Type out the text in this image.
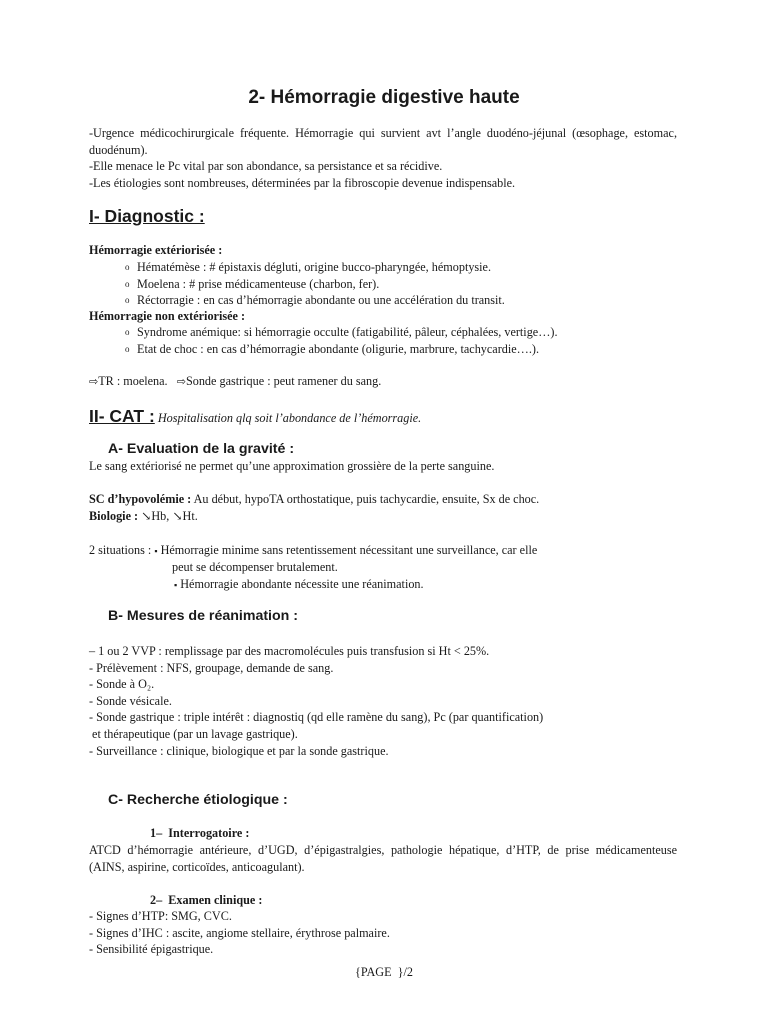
2- Hémorragie digestive haute

-Urgence médicochirurgicale fréquente. Hémorragie qui survient avt l’angle duodéno-jéjunal (œsophage, estomac, duodénum).

-Elle menace le Pc vital par son abondance, sa persistance et sa récidive.

-Les étiologies sont nombreuses, déterminées par la fibroscopie devenue indispensable.

I- Diagnostic :
Hémorragie extériorisée :
o Hématémèse : # épistaxis dégluti, origine bucco-pharyngée, hémoptysie.
o Moelena : # prise médicamenteuse (charbon, fer).
o Réctorragie : en cas d’hémorragie abondante ou une accélération du transit.
Hémorragie non extériorisée :
o Syndrome anémique: si hémorragie occulte (fatigabilité, pâleur, céphalées, vertige…).
o Etat de choc : en cas d’hémorragie abondante (oligurie, marbrure, tachycardie….).
⇨TR : moelena. ⇨Sonde gastrique : peut ramener du sang.
II- CAT : Hospitalisation qlq soit l’abondance de l’hémorragie.
A- Evaluation de la gravité :
Le sang extériorisé ne permet qu’une approximation grossière de la perte sanguine.
SC d’hypovolémie : Au début, hypoTA orthostatique, puis tachycardie, ensuite, Sx de choc.
Biologie : ↘Hb, ↘Ht.
2 situations : ▪ Hémorragie minime sans retentissement nécessitant une surveillance, car elle
peut se décompenser brutalement.
▪ Hémorragie abondante nécessite une réanimation.
B- Mesures de réanimation :

– 1 ou 2 VVP : remplissage par des macromolécules puis transfusion si Ht < 25%.

- Prélèvement : NFS, groupage, demande de sang.

- Sonde à O₂.

- Sonde vésicale.

- Sonde gastrique : triple intérêt : diagnostiq (qd elle ramène du sang), Pc (par quantification)

et thérapeutique (par un lavage gastrique).

- Surveillance : clinique, biologique et par la sonde gastrique.

C- Recherche étiologique :
1–  Interrogatoire :
ATCD d’hémorragie antérieure, d’UGD, d’épigastralgies, pathologie hépatique, d’HTP, de prise médicamenteuse (AINS, aspirine, corticoïdes, anticoagulant).
2–  Examen clinique :

- Signes d’HTP: SMG, CVC.

- Signes d’IHC : ascite, angiome stellaire, érythrose palmaire.

- Sensibilité épigastrique.

{PAGE  }/2
